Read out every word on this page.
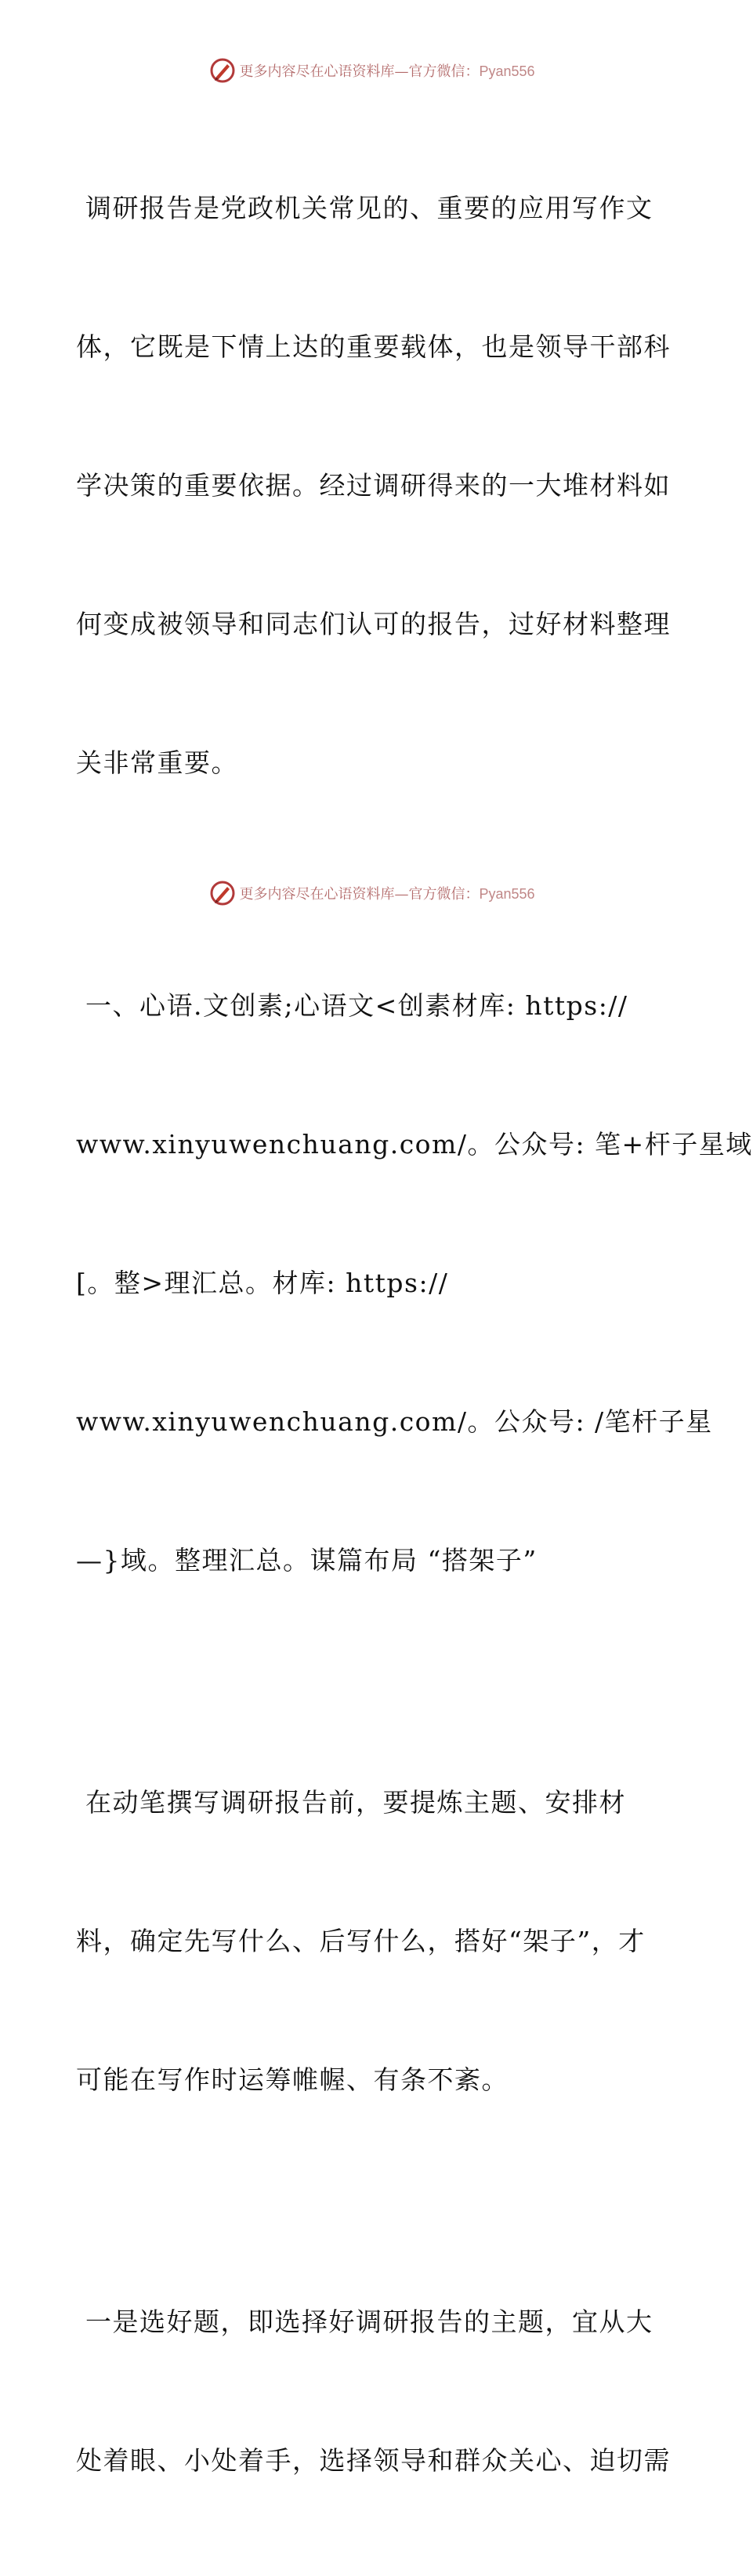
更多内容尽在心语资料库—官方微信：Pyan556

调研报告是党政机关常见的、重要的应用写作文

体，它既是下情上达的重要载体，也是领导干部科

学决策的重要依据。经过调研得来的一大堆材料如

何变成被领导和同志们认可的报告，过好材料整理

关非常重要。

一、心语.文创素;心语文<创素材库: https://

www.xinyuwenchuang.com/。公众号: 笔+杆子星域

[。整>理汇总。材库: https://

www.xinyuwenchuang.com/。公众号: /笔杆子星

—}域。整理汇总。谋篇布局 “搭架子”

在动笔撰写调研报告前，要提炼主题、安排材

料，确定先写什么、后写什么，搭好“架子”，才

可能在写作时运筹帷幄、有条不紊。

一是选好题，即选择好调研报告的主题，宜从大

处着眼、小处着手，选择领导和群众关心、迫切需

更多内容尽在心语资料库—官方微信：Pyan556
